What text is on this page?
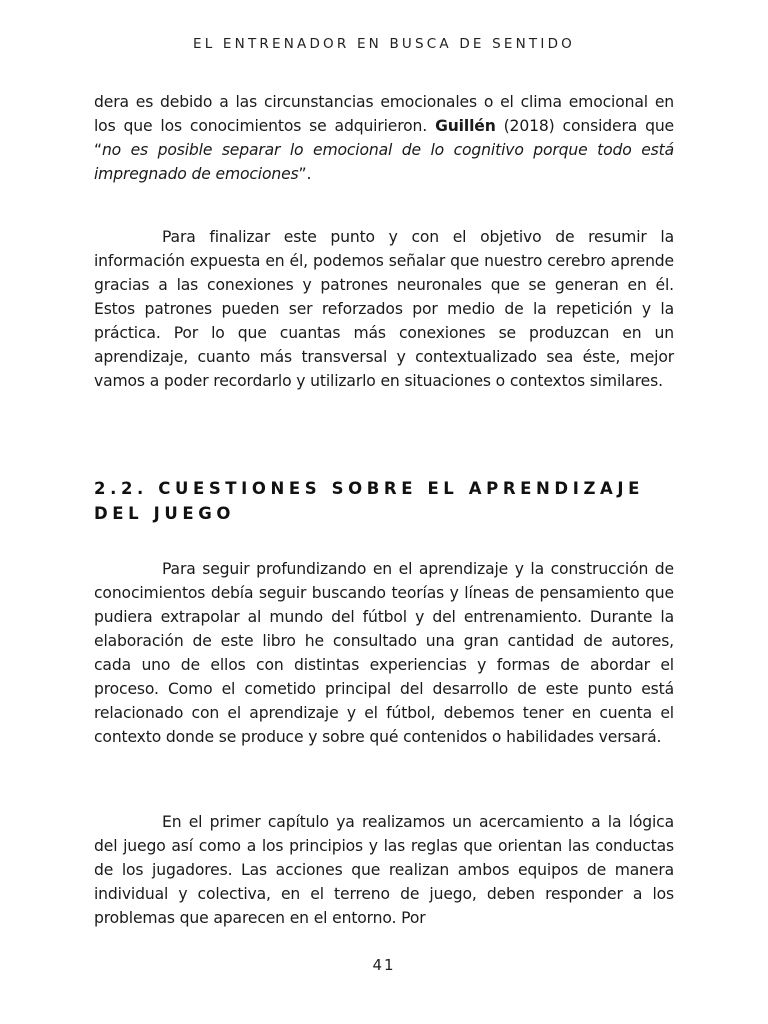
EL ENTRENADOR EN BUSCA DE SENTIDO

dera es debido a las circunstancias emocionales o el clima emocional en los que los conocimientos se adquirieron. Guillén (2018) considera que “no es posible separar lo emocional de lo cognitivo porque todo está impregnado de emociones”.

Para finalizar este punto y con el objetivo de resumir la información expuesta en él, podemos señalar que nuestro cerebro aprende gracias a las conexiones y patrones neuronales que se generan en él. Estos patrones pueden ser reforzados por medio de la repetición y la práctica. Por lo que cuantas más conexiones se produzcan en un aprendizaje, cuanto más transversal y contextualizado sea éste, mejor vamos a poder recordarlo y utilizarlo en situaciones o contextos similares.

2.2. CUESTIONES SOBRE EL APRENDIZAJE DEL JUEGO

Para seguir profundizando en el aprendizaje y la construcción de conocimientos debía seguir buscando teorías y líneas de pensamiento que pudiera extrapolar al mundo del fútbol y del entrenamiento. Durante la elaboración de este libro he consultado una gran cantidad de autores, cada uno de ellos con distintas experiencias y formas de abordar el proceso. Como el cometido principal del desarrollo de este punto está relacionado con el aprendizaje y el fútbol, debemos tener en cuenta el contexto donde se produce y sobre qué contenidos o habilidades versará.

En el primer capítulo ya realizamos un acercamiento a la lógica del juego así como a los principios y las reglas que orientan las conductas de los jugadores. Las acciones que realizan ambos equipos de manera individual y colectiva, en el terreno de juego, deben responder a los problemas que aparecen en el entorno. Por

41
